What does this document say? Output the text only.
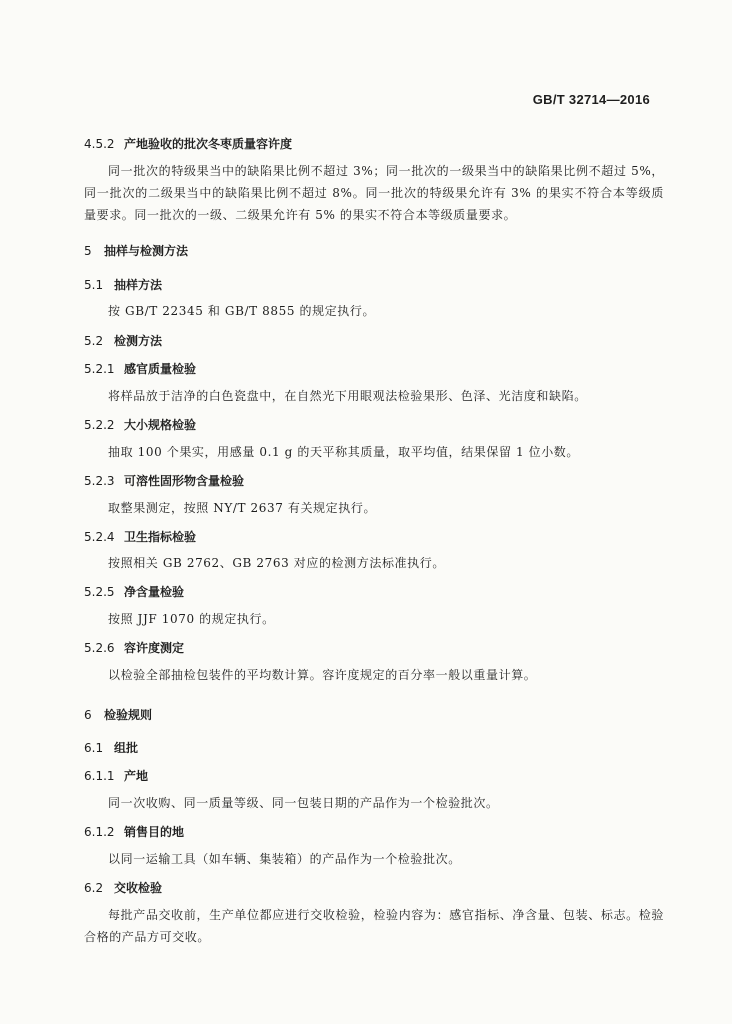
GB/T 32714—2016
4.5.2 产地验收的批次冬枣质量容许度
同一批次的特级果当中的缺陷果比例不超过 3%；同一批次的一级果当中的缺陷果比例不超过 5%，同一批次的二级果当中的缺陷果比例不超过 8%。同一批次的特级果允许有 3% 的果实不符合本等级质量要求。同一批次的一级、二级果允许有 5% 的果实不符合本等级质量要求。
5 抽样与检测方法
5.1 抽样方法
按 GB/T 22345 和 GB/T 8855 的规定执行。
5.2 检测方法
5.2.1 感官质量检验
将样品放于洁净的白色瓷盘中，在自然光下用眼观法检验果形、色泽、光洁度和缺陷。
5.2.2 大小规格检验
抽取 100 个果实，用感量 0.1 g 的天平称其质量，取平均值，结果保留 1 位小数。
5.2.3 可溶性固形物含量检验
取整果测定，按照 NY/T 2637 有关规定执行。
5.2.4 卫生指标检验
按照相关 GB 2762、GB 2763 对应的检测方法标准执行。
5.2.5 净含量检验
按照 JJF 1070 的规定执行。
5.2.6 容许度测定
以检验全部抽检包装件的平均数计算。容许度规定的百分率一般以重量计算。
6 检验规则
6.1 组批
6.1.1 产地
同一次收购、同一质量等级、同一包装日期的产品作为一个检验批次。
6.1.2 销售目的地
以同一运输工具（如车辆、集装箱）的产品作为一个检验批次。
6.2 交收检验
每批产品交收前，生产单位都应进行交收检验，检验内容为：感官指标、净含量、包装、标志。检验合格的产品方可交收。
